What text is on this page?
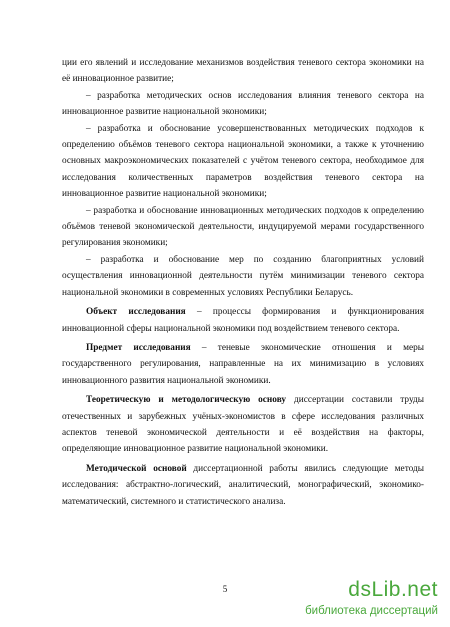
ции его явлений и исследование механизмов воздействия теневого сектора экономики на её инновационное развитие;

– разработка методических основ исследования влияния теневого сектора на инновационное развитие национальной экономики;

– разработка и обоснование усовершенствованных методических подходов к определению объёмов теневого сектора национальной экономики, а также к уточнению основных макроэкономических показателей с учётом теневого сектора, необходимое для исследования количественных параметров воздействия теневого сектора на инновационное развитие национальной экономики;

– разработка и обоснование инновационных методических подходов к определению объёмов теневой экономической деятельности, индуцируемой мерами государственного регулирования экономики;

– разработка и обоснование мер по созданию благоприятных условий осуществления инновационной деятельности путём минимизации теневого сектора национальной экономики в современных условиях Республики Беларусь.

Объект исследования – процессы формирования и функционирования инновационной сферы национальной экономики под воздействием теневого сектора.

Предмет исследования – теневые экономические отношения и меры государственного регулирования, направленные на их минимизацию в условиях инновационного развития национальной экономики.

Теоретическую и методологическую основу диссертации составили труды отечественных и зарубежных учёных-экономистов в сфере исследования различных аспектов теневой экономической деятельности и её воздействия на факторы, определяющие инновационное развитие национальной экономики.

Методической основой диссертационной работы явились следующие методы исследования: абстрактно-логический, аналитический, монографический, экономико-математический, системного и статистического анализа.

5	dsLib.net
библиотека диссертаций
